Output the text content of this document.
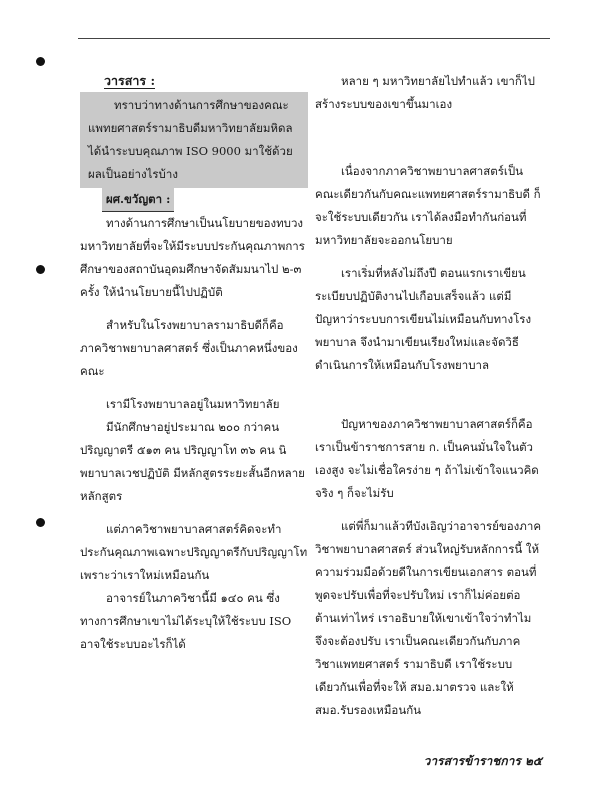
วารสาร :

ทราบว่าทางด้านการศึกษาของคณะแพทยศาสตร์รามาธิบดีมหาวิทยาลัยมหิดล ได้นำระบบคุณภาพ ISO 9000 มาใช้ด้วย ผลเป็นอย่างไรบ้าง

ผศ.ขวัญตา :

ทางด้านการศึกษาเป็นนโยบายของทบวงมหาวิทยาลัยที่จะให้มีระบบประกันคุณภาพการศึกษาของสถาบันอุดมศึกษาจัดสัมมนาไป ๒-๓ ครั้ง ให้นำนโยบายนี้ไปปฏิบัติ

สำหรับในโรงพยาบาลรามาธิบดีก็คือ ภาควิชาพยาบาลศาสตร์ ซึ่งเป็นภาคหนึ่งของคณะ

เรามีโรงพยาบาลอยู่ในมหาวิทยาลัย

มีนักศึกษาอยู่ประมาณ ๒๐๐ กว่าคน ปริญญาตรี ๕๑๓ คน ปริญญาโท ๓๖ คน นิพยาบาลเวชปฏิบัติ มีหลักสูตรระยะสั้นอีกหลายหลักสูตร

แต่ภาควิชาพยาบาลศาสตร์คิดจะทำประกันคุณภาพเฉพาะปริญญาตรีกับปริญญาโท เพราะว่าเราใหม่เหมือนกัน

อาจารย์ในภาควิชานี้มี ๑๔๐ คน ซึ่งทางการศึกษาเขาไม่ได้ระบุให้ใช้ระบบ ISO อาจใช้ระบบอะไรก็ได้

หลาย ๆ มหาวิทยาลัยไปทำแล้ว เขาก็ไปสร้างระบบของเขาขึ้นมาเอง

เนื่องจากภาควิชาพยาบาลศาสตร์เป็นคณะเดียวกันกับคณะแพทยศาสตร์รามาธิบดี ก็จะใช้ระบบเดียวกัน เราได้ลงมือทำกันก่อนที่มหาวิทยาลัยจะออกนโยบาย

เราเริ่มที่หลังไม่ถึงปี ตอนแรกเราเขียนระเบียบปฏิบัติงานไปเกือบเสร็จแล้ว แต่มีปัญหาว่าระบบการเขียนไม่เหมือนกับทางโรงพยาบาล จึงนำมาเขียนเรียงใหม่และจัดวิธีดำเนินการให้เหมือนกับโรงพยาบาล

ปัญหาของภาควิชาพยาบาลศาสตร์ก็คือ เราเป็นข้าราชการสาย ก. เป็นคนมั่นใจในตัวเองสูง จะไม่เชื่อใครง่าย ๆ ถ้าไม่เข้าใจแนวคิดจริง ๆ ก็จะไม่รับ

แต่พี่ก็มาแล้วทีบังเอิญว่าอาจารย์ของภาควิชาพยาบาลศาสตร์ ส่วนใหญ่รับหลักการนี้ ให้ความร่วมมือด้วยดีในการเขียนเอกสาร ตอนที่พูดจะปรับเพื่อที่จะปรับใหม่ เราก็ไม่ค่อยต่อต้านเท่าไหร่ เราอธิบายให้เขาเข้าใจว่าทำไมจึงจะต้องปรับ เราเป็นคณะเดียวกันกับภาควิชาแพทยศาสตร์ รามาธิบดี เราใช้ระบบเดียวกันเพื่อที่จะให้ สมอ.มาตรวจ และให้ สมอ.รับรองเหมือนกัน

วารสารข้าราชการ ๒๕
